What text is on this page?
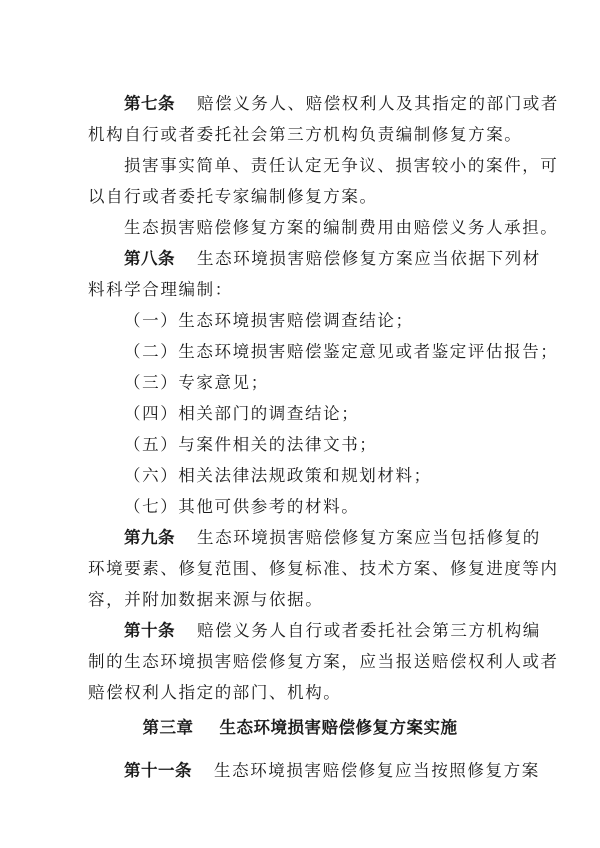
第七条 赔偿义务人、赔偿权利人及其指定的部门或者
机构自行或者委托社会第三方机构负责编制修复方案。
损害事实简单、责任认定无争议、损害较小的案件，可
以自行或者委托专家编制修复方案。
生态损害赔偿修复方案的编制费用由赔偿义务人承担。
第八条 生态环境损害赔偿修复方案应当依据下列材
料科学合理编制：
（一）生态环境损害赔偿调查结论；
（二）生态环境损害赔偿鉴定意见或者鉴定评估报告；
（三）专家意见；
（四）相关部门的调查结论；
（五）与案件相关的法律文书；
（六）相关法律法规政策和规划材料；
（七）其他可供参考的材料。
第九条 生态环境损害赔偿修复方案应当包括修复的
环境要素、修复范围、修复标准、技术方案、修复进度等内
容，并附加数据来源与依据。
第十条 赔偿义务人自行或者委托社会第三方机构编
制的生态环境损害赔偿修复方案，应当报送赔偿权利人或者
赔偿权利人指定的部门、机构。
第三章 生态环境损害赔偿修复方案实施
第十一条 生态环境损害赔偿修复应当按照修复方案
